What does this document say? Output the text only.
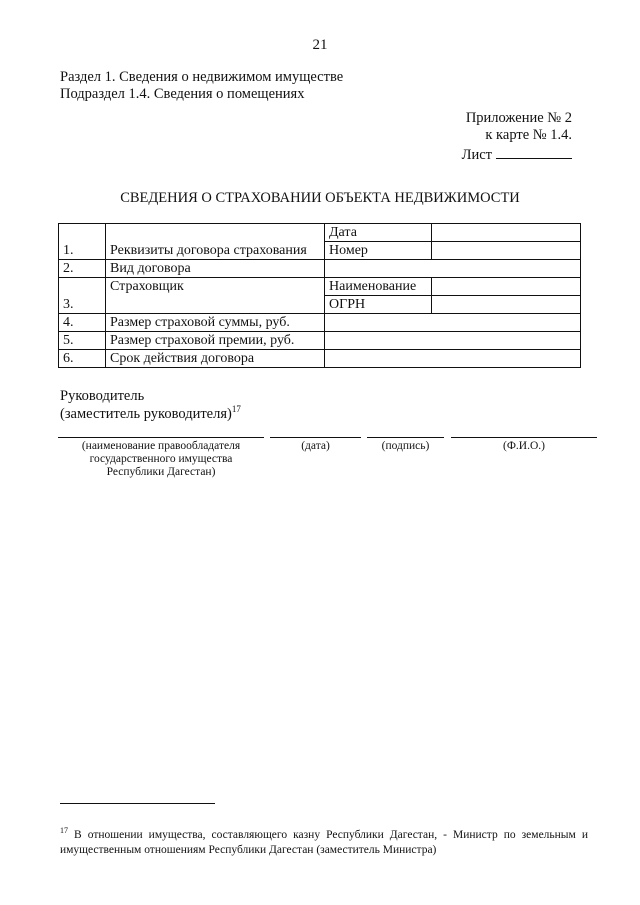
21
Раздел 1. Сведения о недвижимом имуществе
Подраздел 1.4. Сведения о помещениях
Приложение № 2
к карте № 1.4.
Лист
СВЕДЕНИЯ О СТРАХОВАНИИ ОБЪЕКТА НЕДВИЖИМОСТИ
1.	Реквизиты договора страхования	Дата	
		Номер	
2.	Вид договора		
3.	Страховщик	Наименование	
		ОГРН	
4.	Размер страховой суммы, руб.		
5.	Размер страховой премии, руб.		
6.	Срок действия договора		
Руководитель
(заместитель руководителя)$^{17}$
(наименование правообладателя государственного имущества Республики Дагестан)
(дата)	(подпись)	(Ф.И.О.)
$^{17}$ В отношении имущества, составляющего казну Республики Дагестан, - Министр по земельным и имущественным отношениям Республики Дагестан (заместитель Министра)
